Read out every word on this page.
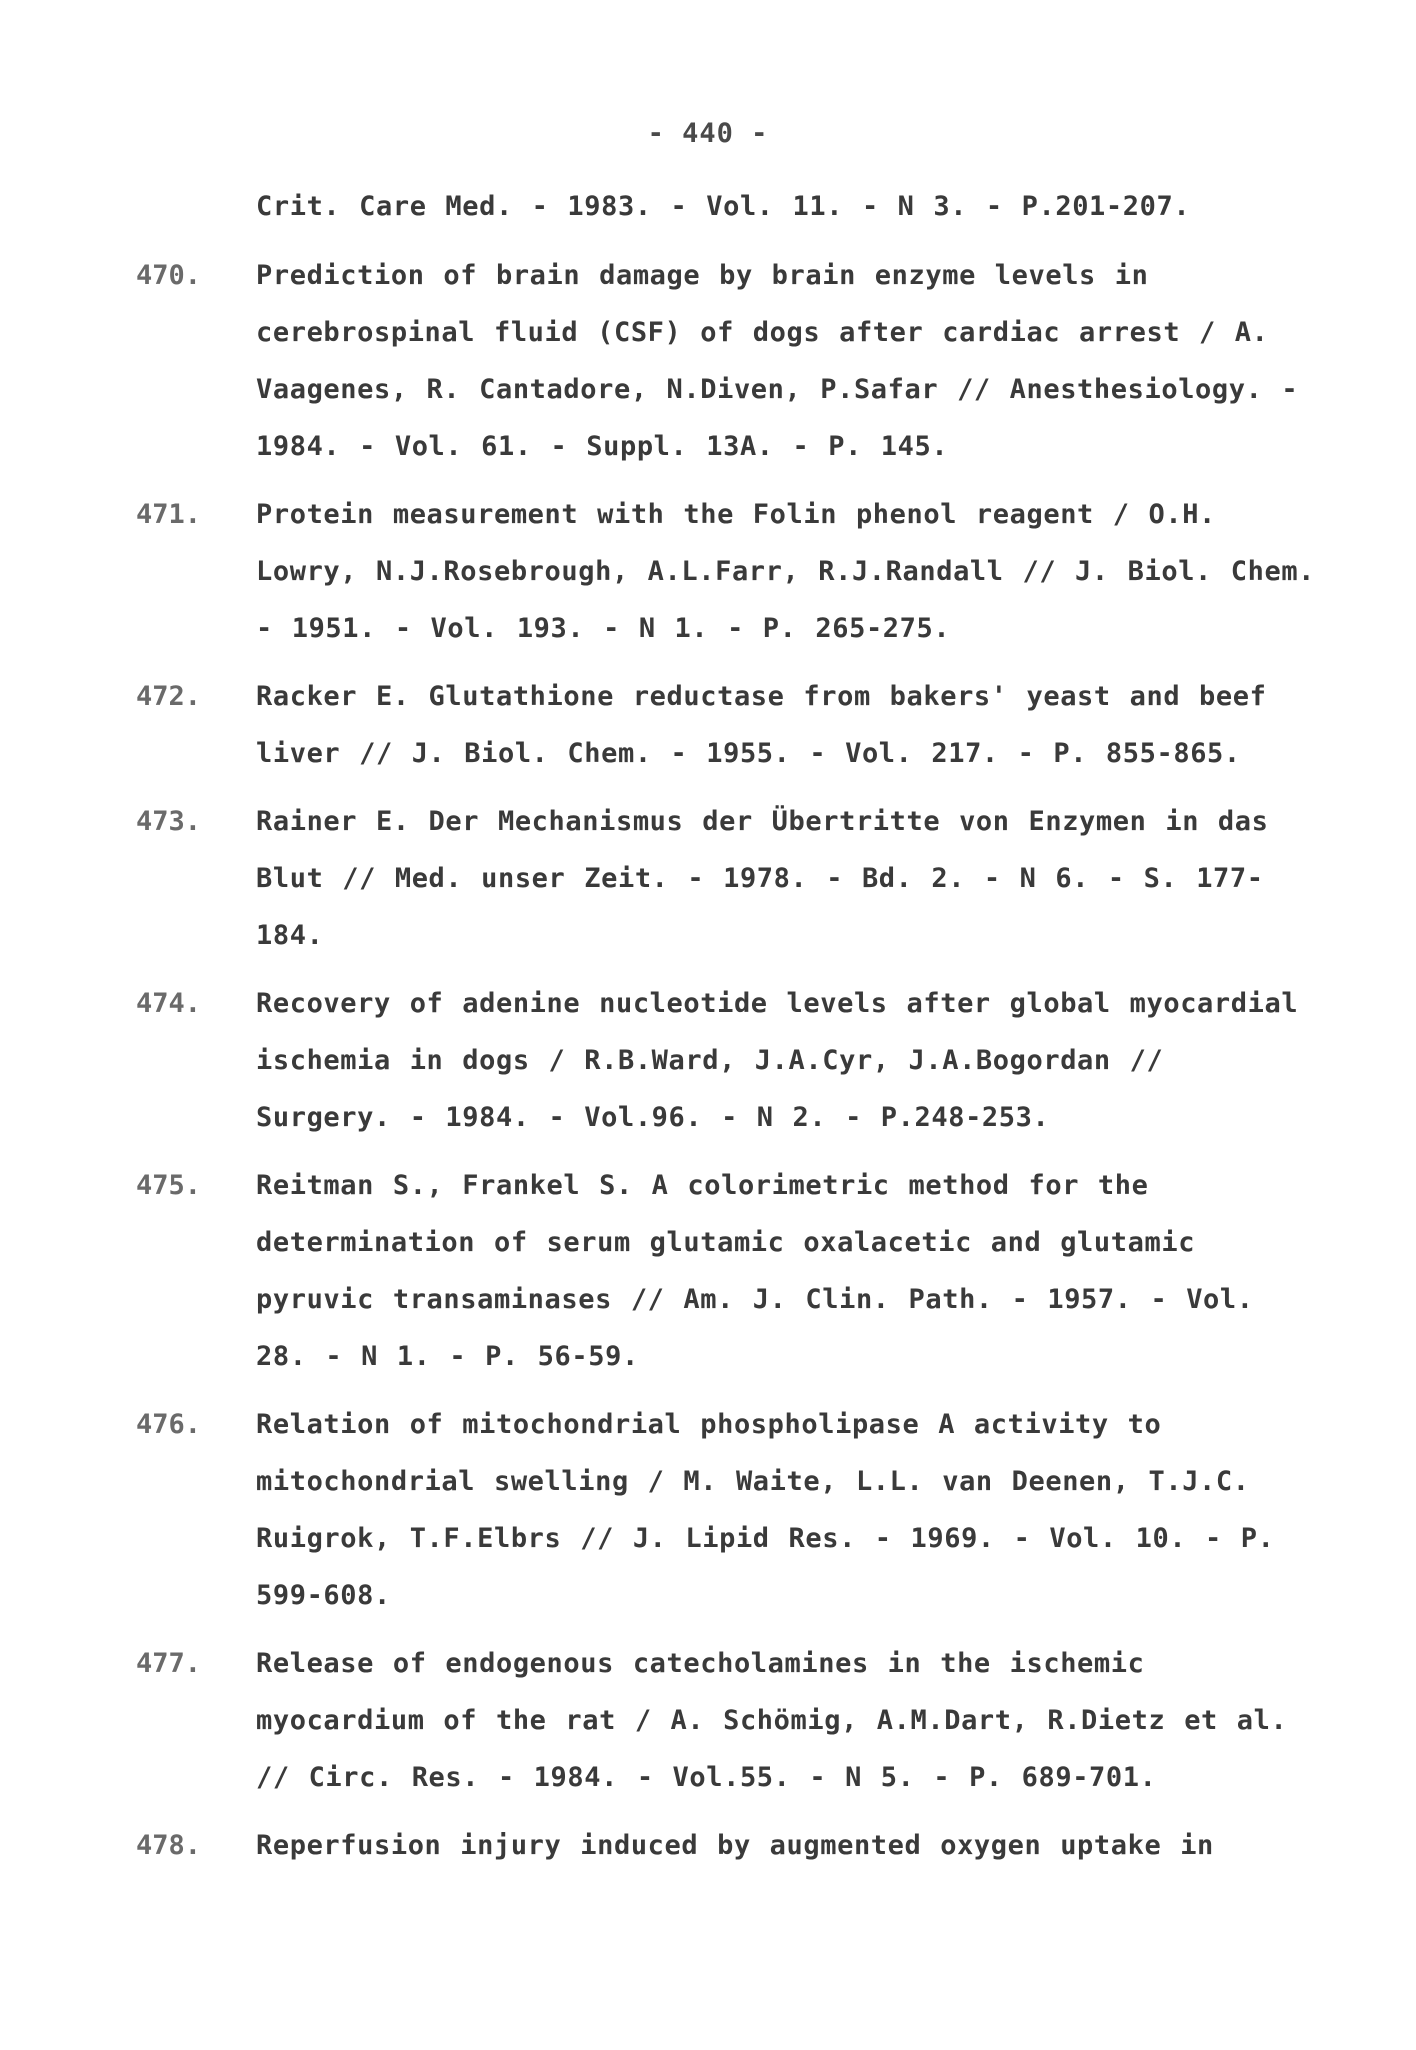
- 440 -
Crit. Care Med. - 1983. - Vol. 11. - N 3. - P.201-207.
470.	Prediction of brain damage by brain enzyme levels in cerebrospinal fluid (CSF) of dogs after cardiac arrest / A. Vaagenes, R. Cantadore, N.Diven, P.Safar // Anesthesiology. - 1984. - Vol. 61. - Suppl. 13A. - P. 145.
471.	Protein measurement with the Folin phenol reagent / O.H. Lowry, N.J.Rosebrough, A.L.Farr, R.J.Randall // J. Biol. Chem. - 1951. - Vol. 193. - N 1. - P. 265-275.
472.	Racker E. Glutathione reductase from bakers' yeast and beef liver // J. Biol. Chem. - 1955. - Vol. 217. - P. 855-865.
473.	Rainer E. Der Mechanismus der Übertritte von Enzymen in das Blut // Med. unser Zeit. - 1978. - Bd. 2. - N 6. - S. 177-184.
474.	Recovery of adenine nucleotide levels after global myocardial ischemia in dogs / R.B.Ward, J.A.Cyr, J.A.Bogordan // Surgery. - 1984. - Vol.96. - N 2. - P.248-253.
475.	Reitman S., Frankel S. A colorimetric method for the determination of serum glutamic oxalacetic and glutamic pyruvic transaminases // Am. J. Clin. Path. - 1957. - Vol. 28. - N 1. - P. 56-59.
476.	Relation of mitochondrial phospholipase A activity to mitochondrial swelling / M. Waite, L.L. van Deenen, T.J.C. Ruigrok, T.F.Elbrs // J. Lipid Res. - 1969. - Vol. 10. - P. 599-608.
477.	Release of endogenous catecholamines in the ischemic myocardium of the rat / A. Schömig, A.M.Dart, R.Dietz et al. // Circ. Res. - 1984. - Vol.55. - N 5. - P. 689-701.
478.	Reperfusion injury induced by augmented oxygen uptake in
